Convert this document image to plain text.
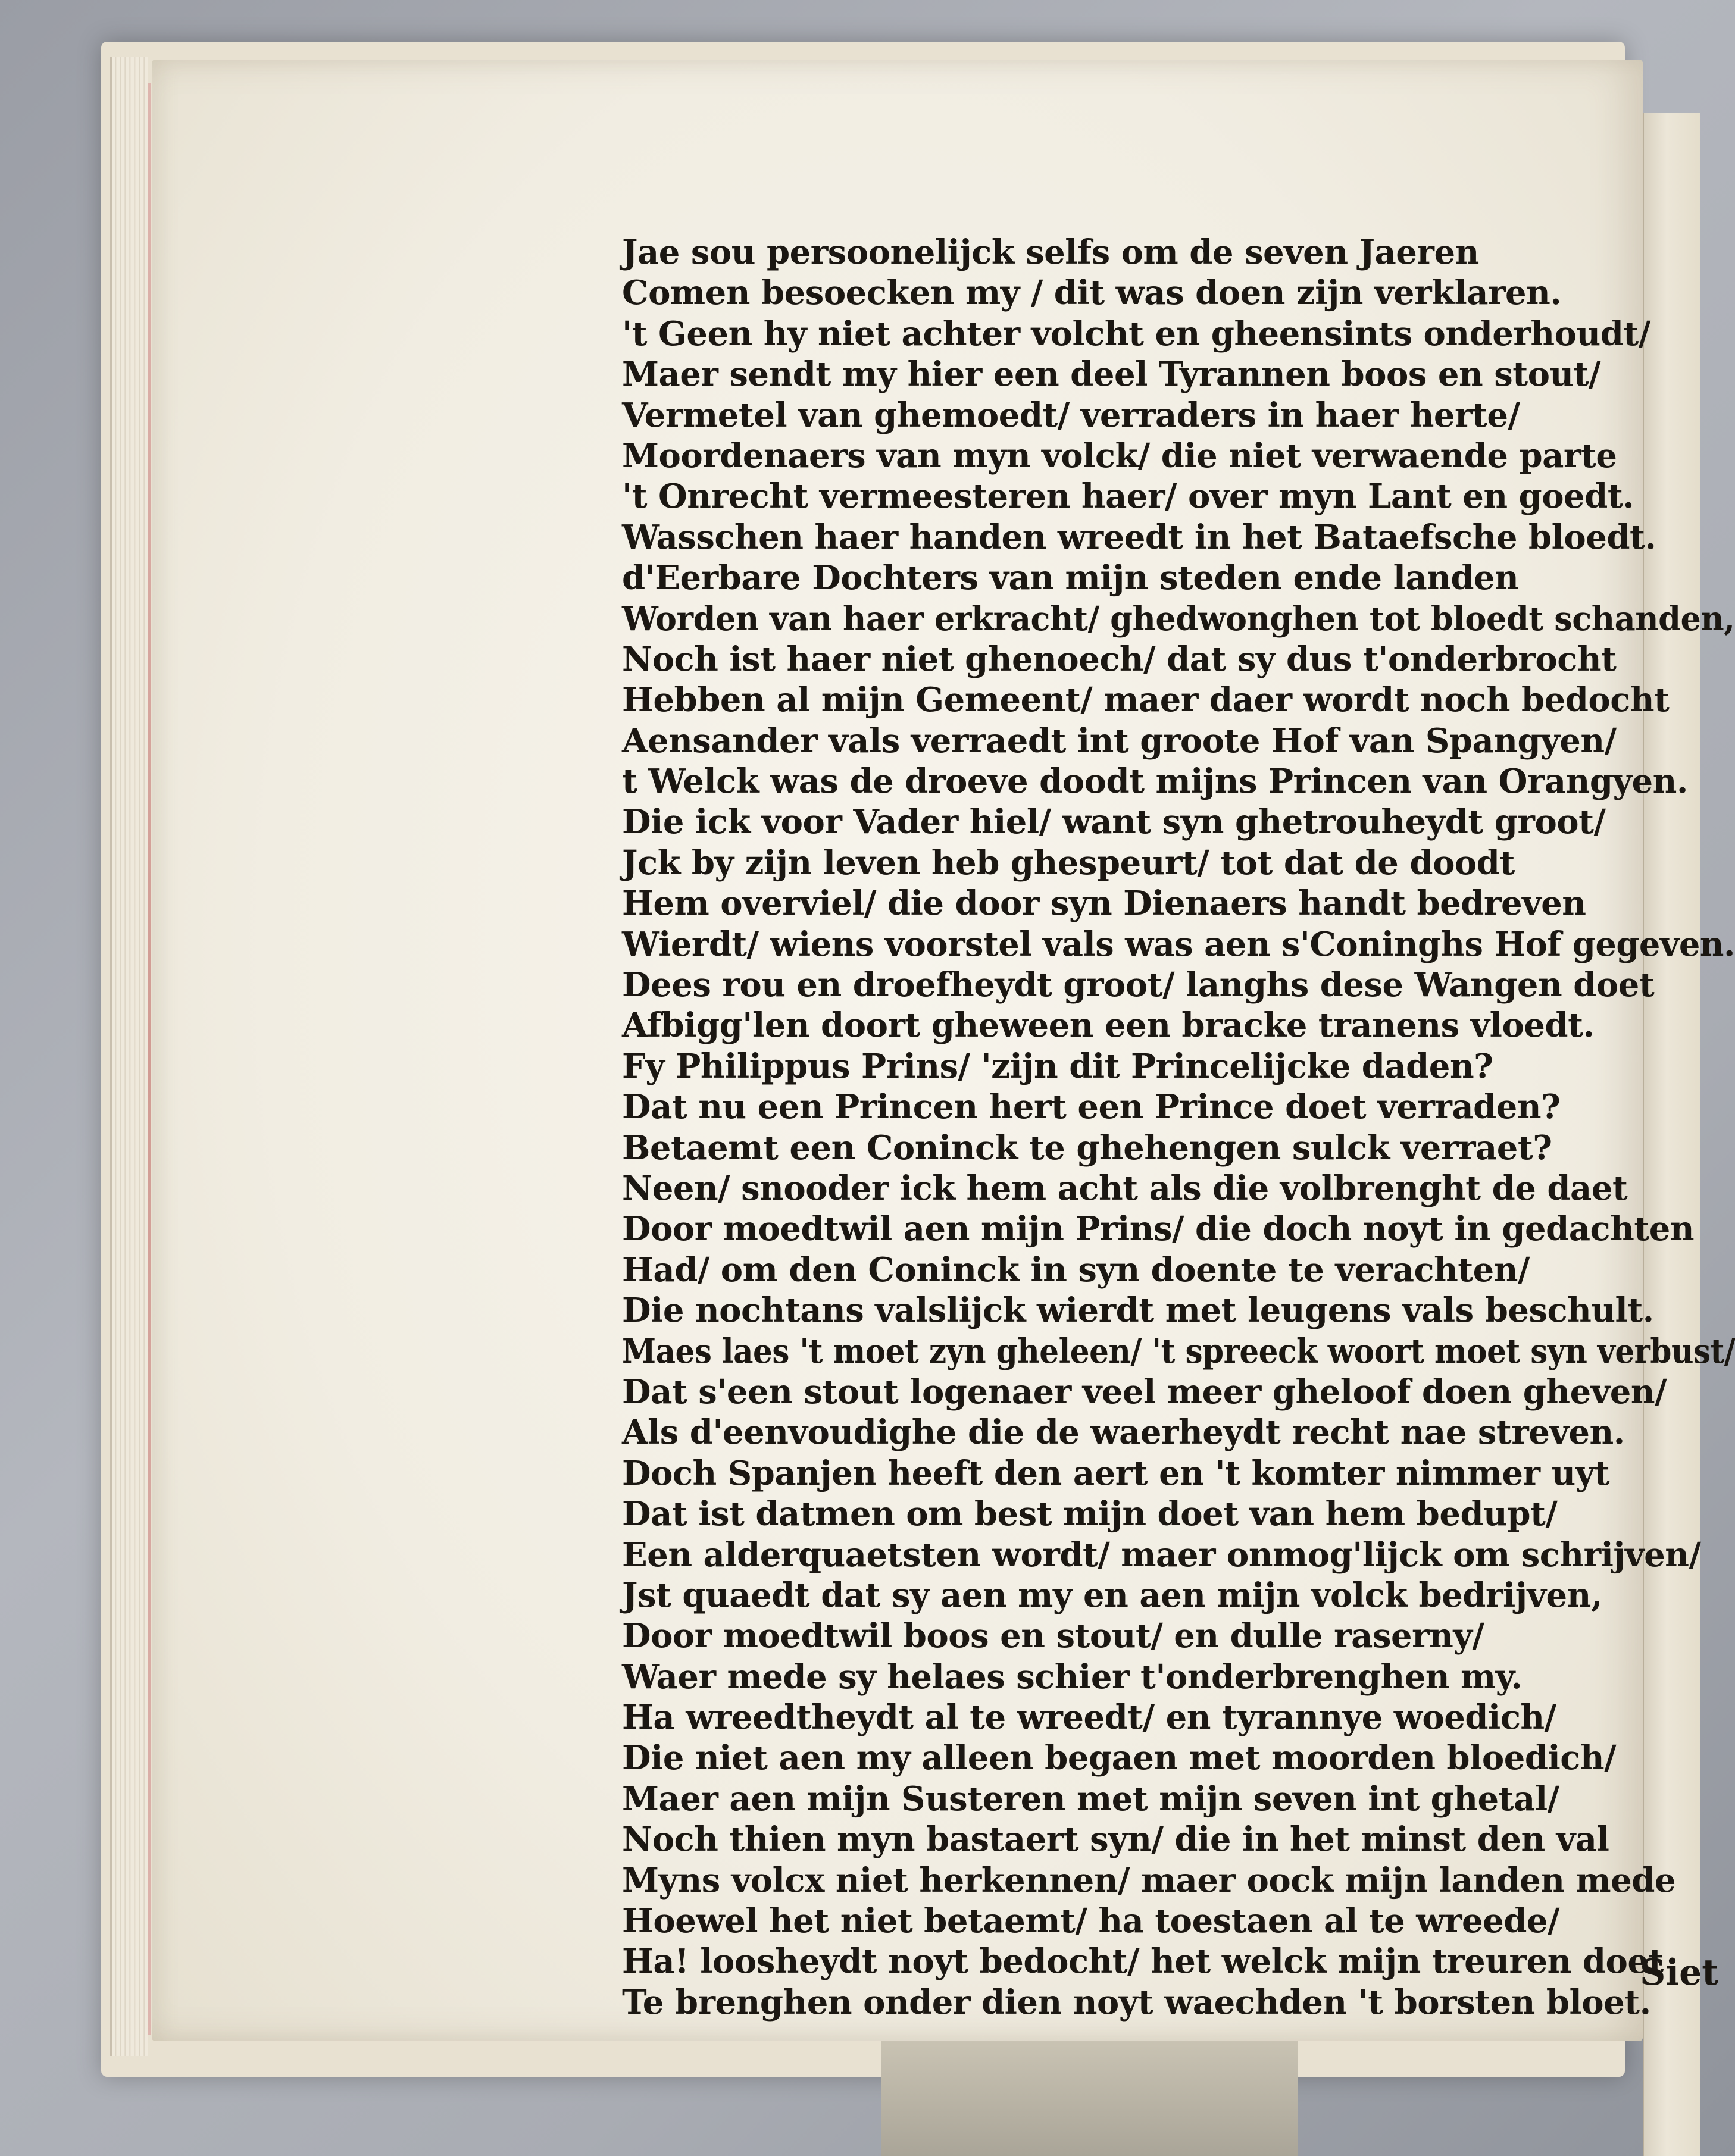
Jae sou persoonelijck selfs om de seven Jaeren
Comen besoecken my / dit was doen zijn verklaren.
't Geen hy niet achter volcht en gheensints onderhoudt/
Maer sendt my hier een deel Tyrannen boos en stout/
Vermetel van ghemoedt/ verraders in haer herte/
Moordenaers van myn volck/ die niet verwaende parte
't Onrecht vermeesteren haer/ over myn Lant en goedt.
Wasschen haer handen wreedt in het Bataefsche bloedt.
d'Eerbare Dochters van mijn steden ende landen
Worden van haer erkracht/ ghedwonghen tot bloedt schanden,
Noch ist haer niet ghenoech/ dat sy dus t'onderbrocht
Hebben al mijn Gemeent/ maer daer wordt noch bedocht
Aensander vals verraedt int groote Hof van Spangyen/
t Welck was de droeve doodt mijns Princen van Orangyen.
Die ick voor Vader hiel/ want syn ghetrouheydt groot/
Jck by zijn leven heb ghespeurt/ tot dat de doodt
Hem overviel/ die door syn Dienaers handt bedreven
Wierdt/ wiens voorstel vals was aen s'Coninghs Hof gegeven.
Dees rou en droefheydt groot/ langhs dese Wangen doet
Afbigg'len doort gheween een bracke tranens vloedt.
Fy Philippus Prins/ 'zijn dit Princelijcke daden?
Dat nu een Princen hert een Prince doet verraden?
Betaemt een Coninck te ghehengen sulck verraet?
Neen/ snooder ick hem acht als die volbrenght de daet
Door moedtwil aen mijn Prins/ die doch noyt in gedachten
Had/ om den Coninck in syn doente te verachten/
Die nochtans valslijck wierdt met leugens vals beschult.
Maes laes 't moet zyn gheleen/ 't spreeck woort moet syn verbust/
Dat s'een stout logenaer veel meer gheloof doen gheven/
Als d'eenvoudighe die de waerheydt recht nae streven.
Doch Spanjen heeft den aert en 't komter nimmer uyt
Dat ist datmen om best mijn doet van hem bedupt/
Een alderquaetsten wordt/ maer onmog'lijck om schrijven/
Jst quaedt dat sy aen my en aen mijn volck bedrijven,
Door moedtwil boos en stout/ en dulle raserny/
Waer mede sy helaes schier t'onderbrenghen my.
Ha wreedtheydt al te wreedt/ en tyrannye woedich/
Die niet aen my alleen begaen met moorden bloedich/
Maer aen mijn Susteren met mijn seven int ghetal/
Noch thien myn bastaert syn/ die in het minst den val
Myns volcx niet herkennen/ maer oock mijn landen mede
Hoewel het niet betaemt/ ha toestaen al te wreede/
Ha! loosheydt noyt bedocht/ het welck mijn treuren doet
Te brenghen onder dien noyt waechden 't borsten bloet.
Siet
